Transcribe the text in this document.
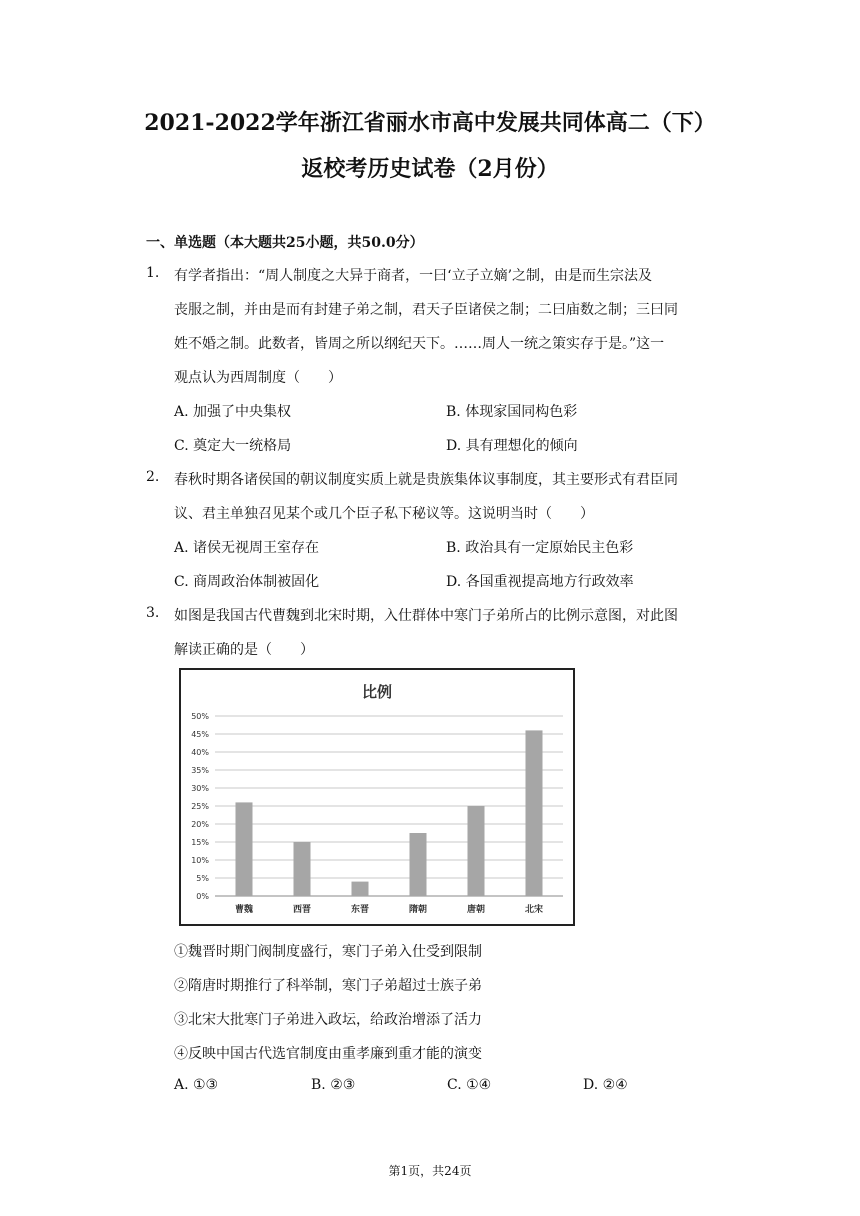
2021-2022学年浙江省丽水市高中发展共同体高二（下）
返校考历史试卷（2月份）
一、单选题（本大题共25小题，共50.0分）
1. 有学者指出：“周人制度之大异于商者，一曰‘立子立嫡’之制，由是而生宗法及
丧服之制，并由是而有封建子弟之制，君天子臣诸侯之制；二曰庙数之制；三曰同
姓不婚之制。此数者，皆周之所以纲纪天下。……周人一统之策实存于是。”这一
观点认为西周制度（　　）
A. 加强了中央集权	B. 体现家国同构色彩
C. 奠定大一统格局	D. 具有理想化的倾向
2. 春秋时期各诸侯国的朝议制度实质上就是贵族集体议事制度，其主要形式有君臣同
议、君主单独召见某个或几个臣子私下秘议等。这说明当时（　　）
A. 诸侯无视周王室存在	B. 政治具有一定原始民主色彩
C. 商周政治体制被固化	D. 各国重视提高地方行政效率
3. 如图是我国古代曹魏到北宋时期，入仕群体中寒门子弟所占的比例示意图，对此图
解读正确的是（　　）
比例
0%
5%
10%
15%
20%
25%
30%
35%
40%
45%
50%
曹魏	西晋	东晋	隋朝	唐朝	北宋
①魏晋时期门阀制度盛行，寒门子弟入仕受到限制
②隋唐时期推行了科举制，寒门子弟超过士族子弟
③北宋大批寒门子弟进入政坛，给政治增添了活力
④反映中国古代选官制度由重孝廉到重才能的演变
A. ①③	B. ②③	C. ①④	D. ②④
第1页，共24页
